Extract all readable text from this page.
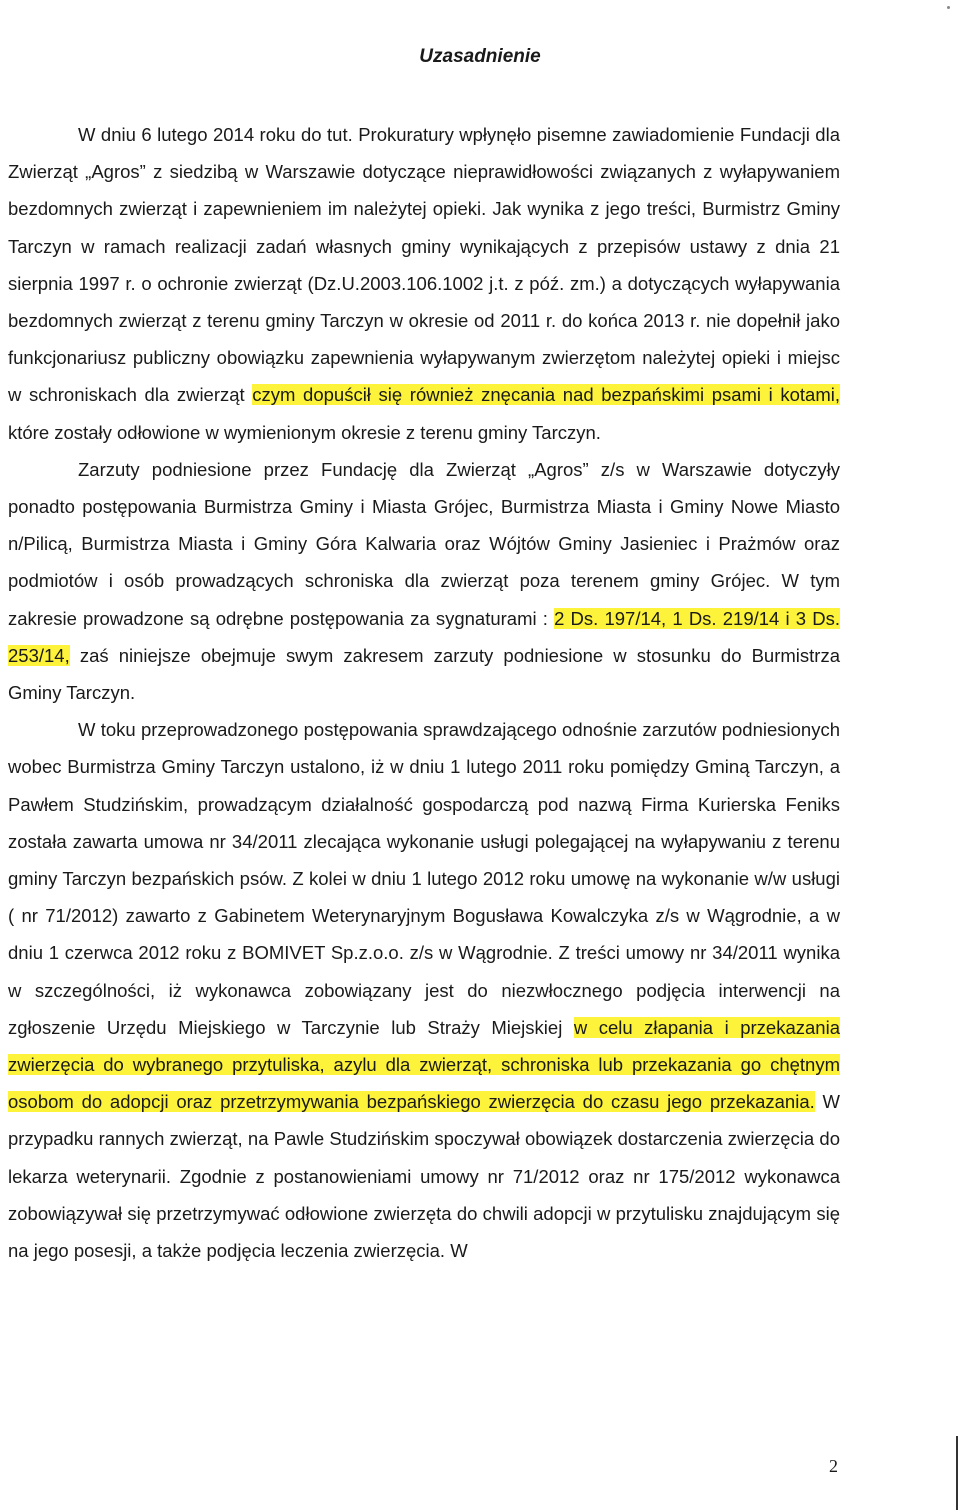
Uzasadnienie

W dniu 6 lutego 2014 roku do tut. Prokuratury wpłynęło pisemne zawiadomienie Fundacji dla Zwierząt „Agros” z siedzibą w Warszawie dotyczące nieprawidłowości związanych z wyłapywaniem bezdomnych zwierząt i zapewnieniem im należytej opieki. Jak wynika z jego treści, Burmistrz Gminy Tarczyn w ramach realizacji zadań własnych gminy wynikających z przepisów ustawy z dnia 21 sierpnia 1997 r. o ochronie zwierząt (Dz.U.2003.106.1002 j.t. z póź. zm.) a dotyczących wyłapywania bezdomnych zwierząt z terenu gminy Tarczyn w okresie od 2011 r. do końca 2013 r. nie dopełnił jako funkcjonariusz publiczny obowiązku zapewnienia wyłapywanym zwierzętom należytej opieki i miejsc w schroniskach dla zwierząt czym dopuścił się również znęcania nad bezpańskimi psami i kotami, które zostały odłowione w wymienionym okresie z terenu gminy Tarczyn.

Zarzuty podniesione przez Fundację dla Zwierząt „Agros” z/s w Warszawie dotyczyły ponadto postępowania Burmistrza Gminy i Miasta Grójec, Burmistrza Miasta i Gminy Nowe Miasto n/Pilicą, Burmistrza Miasta i Gminy Góra Kalwaria oraz Wójtów Gminy Jasieniec i Prażmów oraz podmiotów i osób prowadzących schroniska dla zwierząt poza terenem gminy Grójec. W tym zakresie prowadzone są odrębne postępowania za sygnaturami : 2 Ds. 197/14, 1 Ds. 219/14 i 3 Ds. 253/14, zaś niniejsze obejmuje swym zakresem zarzuty podniesione w stosunku do Burmistrza Gminy Tarczyn.

W toku przeprowadzonego postępowania sprawdzającego odnośnie zarzutów podniesionych wobec Burmistrza Gminy Tarczyn ustalono, iż w dniu 1 lutego 2011 roku pomiędzy Gminą Tarczyn, a Pawłem Studzińskim, prowadzącym działalność gospodarczą pod nazwą Firma Kurierska Feniks została zawarta umowa nr 34/2011 zlecająca wykonanie usługi polegającej na wyłapywaniu z terenu gminy Tarczyn bezpańskich psów. Z kolei w dniu 1 lutego 2012 roku umowę na wykonanie w/w usługi ( nr 71/2012) zawarto z Gabinetem Weterynaryjnym Bogusława Kowalczyka z/s w Wągrodnie, a w dniu 1 czerwca 2012 roku z BOMIVET Sp.z.o.o. z/s w Wągrodnie. Z treści umowy nr 34/2011 wynika w szczególności, iż wykonawca zobowiązany jest do niezwłocznego podjęcia interwencji na zgłoszenie Urzędu Miejskiego w Tarczynie lub Straży Miejskiej w celu złapania i przekazania zwierzęcia do wybranego przytuliska, azylu dla zwierząt, schroniska lub przekazania go chętnym osobom do adopcji oraz przetrzymywania bezpańskiego zwierzęcia do czasu jego przekazania. W przypadku rannych zwierząt, na Pawle Studzińskim spoczywał obowiązek dostarczenia zwierzęcia do lekarza weterynarii. Zgodnie z postanowieniami umowy nr 71/2012 oraz nr 175/2012 wykonawca zobowiązywał się przetrzymywać odłowione zwierzęta do chwili adopcji w przytulisku znajdującym się na jego posesji, a także podjęcia leczenia zwierzęcia. W

2
